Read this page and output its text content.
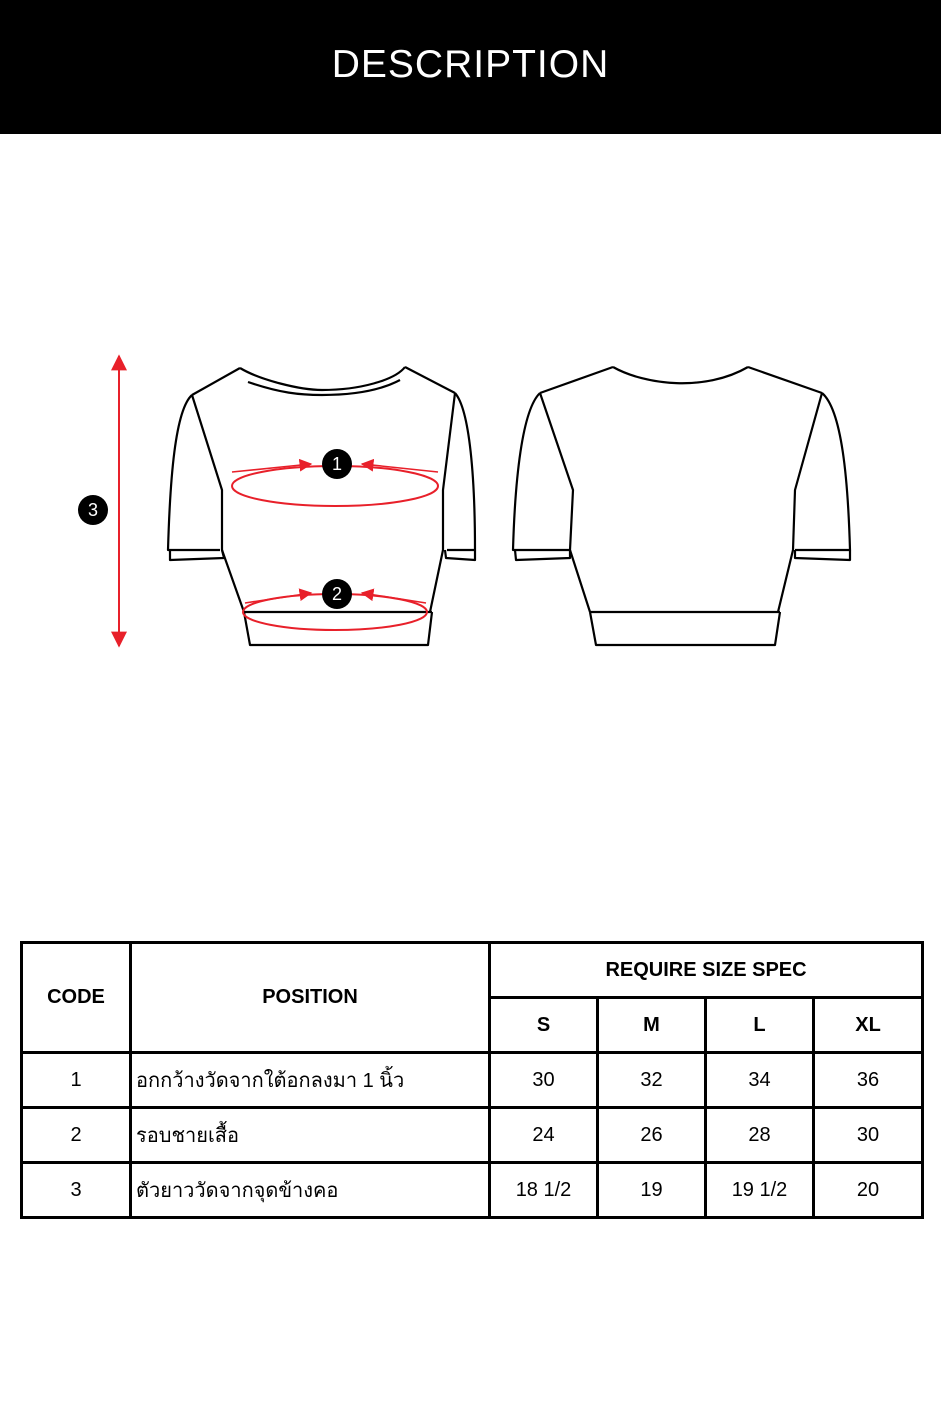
DESCRIPTION
3
1
2
CODE	POSITION	REQUIRE SIZE SPEC			
		S	M	L	XL
1	อกกว้างวัดจากใต้อกลงมา 1 นิ้ว	30	32	34	36
2	รอบชายเสื้อ	24	26	28	30
3	ตัวยาววัดจากจุดข้างคอ	18 1/2	19	19 1/2	20
